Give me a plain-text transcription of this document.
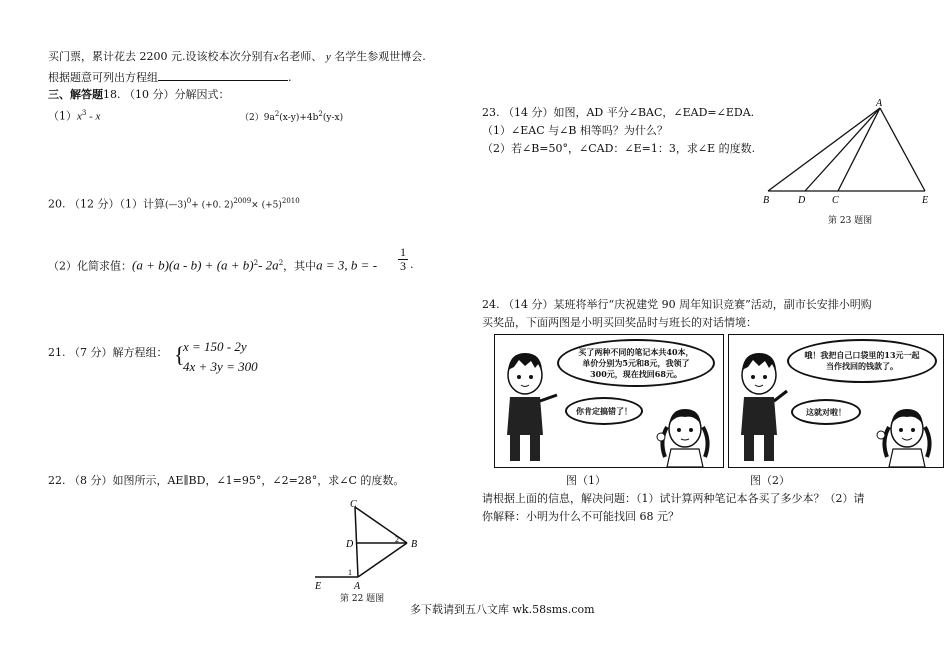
买门票，累计花去 2200 元.设该校本次分别有x名老师、 y 名学生参观世博会.
根据题意可列出方程组	.
三、解答题18. （10 分）分解因式：
$(1)x^3$ - x	$(2)9a^2(x-y)+4b^2(y-x)$
20. （12 分）（1）计算(—3)$^0$+ (+0. $2)^{2009}\times (+5)^{2010}$
（2）化简求值：$(a + b)(a - b) + (a + b)^2-$ $2a^2$，其中a = 3, b = -
1
3 .
21. （7 分）解方程组： {
x = 150 - 2y
4x + 3y = 300
22. （8 分）如图所示，AE∥BD，∠1=95°，∠2=28°，求∠C 的度数。
C
D	B
E	A
1
2
第 22 题图
23. （14 分）如图，AD 平分∠BAC，∠EAD=∠EDA.
（1）∠EAC 与∠B 相等吗？为什么？
（2）若∠B=50°，∠CAD：∠E=1：3，求∠E 的度数.
A
B	D	C	E
第 23 题图
24. （14 分）某班将举行“庆祝建党 90 周年知识竞赛”活动，副市长安排小明购
买奖品，下面两图是小明买回奖品时与班长的对话情境：
买了两种不同的笔记本共40本，单价分别为5元和8元，我领了300元，现在找回68元。
你肯定搞错了！
哦！我把自己口袋里的13元一起当作找回的钱款了。
这就对啦！
图（1）	图（2）
请根据上面的信息，解决问题：（1）试计算两种笔记本各买了多少本？（2）请
你解释：小明为什么不可能找回 68 元？
多下载请到五八文库 wk.58sms.com
